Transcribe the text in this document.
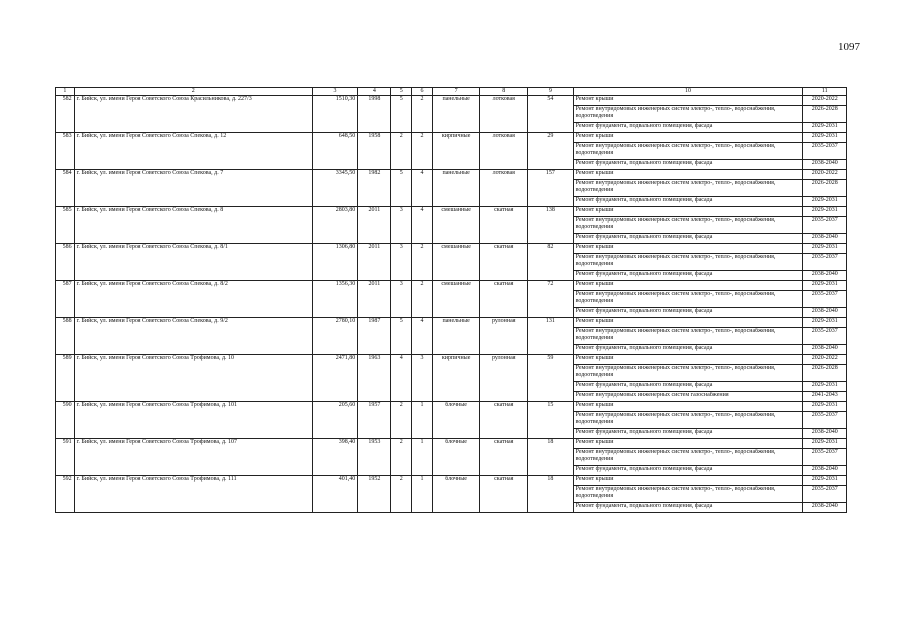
1097
1	2	3	4	5	6	7	8	9	10	11
582	г. Бийск, ул. имени Героя Советского Союза Красильникова, д. 227/3	1510,30	1998	5	2	панельные	лотковая	54	Ремонт крыши	2020-2022
									Ремонт внутридомовых инженерных систем электро-, тепло-, водоснабжения, водоотведения	2026-2028
									Ремонт фундамента, подвального помещения, фасада	2029-2031
583	г. Бийск, ул. имени Героя Советского Союза Спекова, д. 12	648,50	1958	2	2	кирпичные	лотковая	29	Ремонт крыши	2029-2031
									Ремонт внутридомовых инженерных систем электро-, тепло-, водоснабжения, водоотведения	2035-2037
									Ремонт фундамента, подвального помещения, фасада	2038-2040
584	г. Бийск, ул. имени Героя Советского Союза Спекова, д. 7	3345,50	1982	5	4	панельные	лотковая	157	Ремонт крыши	2020-2022
									Ремонт внутридомовых инженерных систем электро-, тепло-, водоснабжения, водоотведения	2026-2028
									Ремонт фундамента, подвального помещения, фасада	2029-2031
585	г. Бийск, ул. имени Героя Советского Союза Спекова, д. 8	2803,80	2011	3	4	смешанные	скатная	138	Ремонт крыши	2029-2031
									Ремонт внутридомовых инженерных систем электро-, тепло-, водоснабжения, водоотведения	2035-2037
									Ремонт фундамента, подвального помещения, фасада	2038-2040
586	г. Бийск, ул. имени Героя Советского Союза Спекова, д. 8/1	1306,80	2011	3	2	смешанные	скатная	82	Ремонт крыши	2029-2031
									Ремонт внутридомовых инженерных систем электро-, тепло-, водоснабжения, водоотведения	2035-2037
									Ремонт фундамента, подвального помещения, фасада	2038-2040
587	г. Бийск, ул. имени Героя Советского Союза Спекова, д. 8/2	1356,30	2011	3	2	смешанные	скатная	72	Ремонт крыши	2029-2031
									Ремонт внутридомовых инженерных систем электро-, тепло-, водоснабжения, водоотведения	2035-2037
									Ремонт фундамента, подвального помещения, фасада	2038-2040
588	г. Бийск, ул. имени Героя Советского Союза Спекова, д. 9/2	2780,10	1987	5	4	панельные	рулонная	131	Ремонт крыши	2029-2031
									Ремонт внутридомовых инженерных систем электро-, тепло-, водоснабжения, водоотведения	2035-2037
									Ремонт фундамента, подвального помещения, фасада	2038-2040
589	г. Бийск, ул. имени Героя Советского Союза Трофимова, д. 10	2471,80	1963	4	3	кирпичные	рулонная	59	Ремонт крыши	2020-2022
									Ремонт внутридомовых инженерных систем электро-, тепло-, водоснабжения, водоотведения	2026-2028
									Ремонт фундамента, подвального помещения, фасада	2029-2031
									Ремонт внутридомовых инженерных систем газоснабжения	2041-2043
590	г. Бийск, ул. имени Героя Советского Союза Трофимова, д. 101	205,60	1957	2	1	блочные	скатная	15	Ремонт крыши	2029-2031
									Ремонт внутридомовых инженерных систем электро-, тепло-, водоснабжения, водоотведения	2035-2037
									Ремонт фундамента, подвального помещения, фасада	2038-2040
591	г. Бийск, ул. имени Героя Советского Союза Трофимова, д. 107	398,40	1953	2	1	блочные	скатная	18	Ремонт крыши	2029-2031
									Ремонт внутридомовых инженерных систем электро-, тепло-, водоснабжения, водоотведения	2035-2037
									Ремонт фундамента, подвального помещения, фасада	2038-2040
592	г. Бийск, ул. имени Героя Советского Союза Трофимова, д. 111	401,40	1952	2	1	блочные	скатная	18	Ремонт крыши	2029-2031
									Ремонт внутридомовых инженерных систем электро-, тепло-, водоснабжения, водоотведения	2035-2037
									Ремонт фундамента, подвального помещения, фасада	2038-2040
